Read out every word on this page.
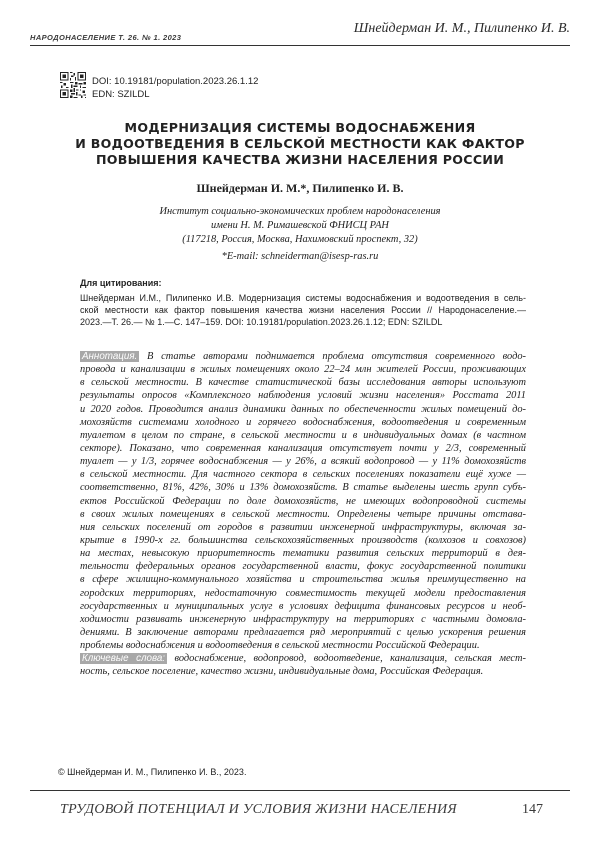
НАРОДОНАСЕЛЕНИЕ Т. 26. № 1. 2023
Шнейдерман И. М., Пилипенко И. В.
DOI: 10.19181/population.2023.26.1.12
EDN: SZILDL
МОДЕРНИЗАЦИЯ СИСТЕМЫ ВОДОСНАБЖЕНИЯ
И ВОДООТВЕДЕНИЯ В СЕЛЬСКОЙ МЕСТНОСТИ КАК ФАКТОР
ПОВЫШЕНИЯ КАЧЕСТВА ЖИЗНИ НАСЕЛЕНИЯ РОССИИ
Шнейдерман И. М.*, Пилипенко И. В.
Институт социально-экономических проблем народонаселения
имени Н. М. Римашевской ФНИСЦ РАН
(117218, Россия, Москва, Нахимовский проспект, 32)
*E-mail: schneiderman@isesp-ras.ru
Для цитирования:
Шнейдерман И.М., Пилипенко И.В. Модернизация системы водоснабжения и водоотведения в сель-
ской местности как фактор повышения качества жизни населения России // Народонаселение.—
2023.—Т. 26.— № 1.—С. 147–159. DOI: 10.19181/population.2023.26.1.12; EDN: SZILDL
Аннотация. В статье авторами поднимается проблема отсутствия современного водо-
провода и канализации в жилых помещениях около 22–24 млн жителей России, проживающих
в сельской местности. В качестве статистической базы исследования авторы используют
результаты опросов «Комплексного наблюдения условий жизни населения» Росстата 2011
и 2020 годов. Проводится анализ динамики данных по обеспеченности жилых помещений до-
мохозяйств системами холодного и горячего водоснабжения, водоотведения и современным
туалетом в целом по стране, в сельской местности и в индивидуальных домах (в частном
секторе). Показано, что современная канализация отсутствует почти у 2/3, современный
туалет — у 1/3, горячее водоснабжения — у 26%, а всякий водопровод — у 11% домохозяйств
в сельской местности. Для частного сектора в сельских поселениях показатели ещё хуже —
соответственно, 81%, 42%, 30% и 13% домохозяйств. В статье выделены шесть групп субъ-
ектов Российской Федерации по доле домохозяйств, не имеющих водопроводной системы
в своих жилых помещениях в сельской местности. Определены четыре причины отстава-
ния сельских поселений от городов в развитии инженерной инфраструктуры, включая за-
крытие в 1990-х гг. большинства сельскохозяйственных производств (колхозов и совхозов)
на местах, невысокую приоритетность тематики развития сельских территорий в дея-
тельности федеральных органов государственной власти, фокус государственной политики
в сфере жилищно-коммунального хозяйства и строительства жилья преимущественно на
городских территориях, недостаточную совместимость текущей модели предоставления
государственных и муниципальных услуг в условиях дефицита финансовых ресурсов и необ-
ходимости развивать инженерную инфраструктуру на территориях с частными домовла-
дениями. В заключение авторами предлагается ряд мероприятий с целью ускорения решения
проблемы водоснабжения и водоотведения в сельской местности Российской Федерации.
Ключевые слова: водоснабжение, водопровод, водоотведение, канализация, сельская мест-
ность, сельское поселение, качество жизни, индивидуальные дома, Российская Федерация.
© Шнейдерман И. М., Пилипенко И. В., 2023.
ТРУДОВОЙ ПОТЕНЦИАЛ И УСЛОВИЯ ЖИЗНИ НАСЕЛЕНИЯ	147
